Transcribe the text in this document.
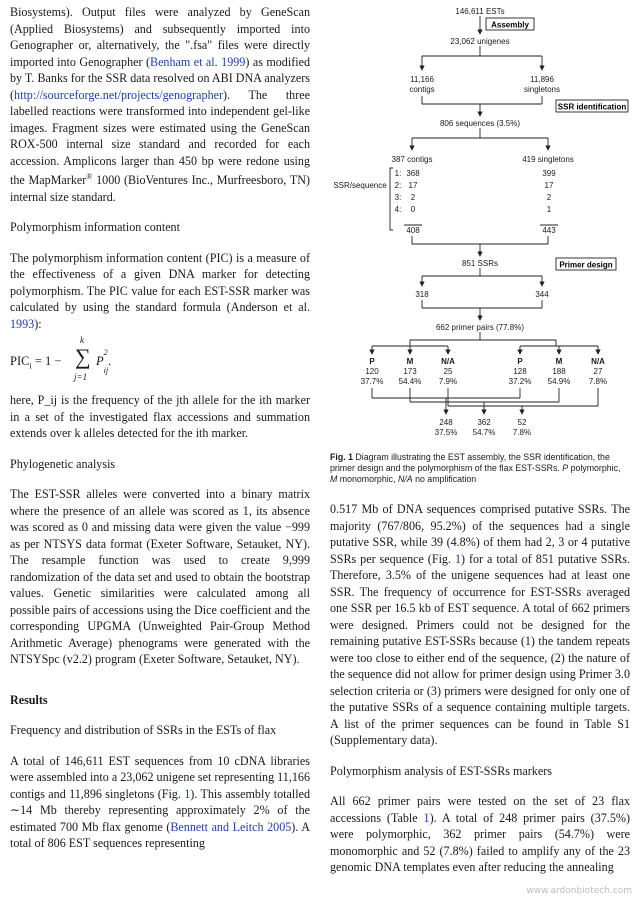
Biosystems). Output files were analyzed by GeneScan (Applied Biosystems) and subsequently imported into Genographer or, alternatively, the ".fsa" files were directly imported into Genographer (Benham et al. 1999) as modified by T. Banks for the SSR data resolved on ABI DNA analyzers (http://sourceforge.net/projects/genographer). The three labelled reactions were transformed into independent gel-like images. Fragment sizes were estimated using the GeneScan ROX-500 internal size standard and recorded for each accession. Amplicons larger than 450 bp were redone using the MapMarker® 1000 (BioVentures Inc., Murfreesboro, TN) internal size standard.

Polymorphism information content

The polymorphism information content (PIC) is a measure of the effectiveness of a given DNA marker for detecting polymorphism. The PIC value for each EST-SSR marker was calculated by using the standard formula (Anderson et al. 1993):

$PIC_i = 1$ −
k
∑
j=1
P
2
$_{ij}$.

here, P_ij is the frequency of the jth allele for the ith marker in a set of the investigated flax accessions and summation extends over k alleles detected for the ith marker.

Phylogenetic analysis

The EST-SSR alleles were converted into a binary matrix where the presence of an allele was scored as 1, its absence was scored as 0 and missing data were given the value −999 as per NTSYS data format (Exeter Software, Setauket, NY). The resample function was used to create 9,999 randomization of the data set and used to obtain the bootstrap values. Genetic similarities were calculated among all possible pairs of accessions using the Dice coefficient and the corresponding UPGMA (Unweighted Pair-Group Method Arithmetic Average) phenograms were generated with the NTSYSpc (v2.2) program (Exeter Software, Setauket, NY).

Results
Frequency and distribution of SSRs in the ESTs of flax

A total of 146,611 EST sequences from 10 cDNA libraries were assembled into a 23,062 unigene set representing 11,166 contigs and 11,896 singletons (Fig. 1). This assembly totalled ∼14 Mb thereby representing approximately 2% of the estimated 700 Mb flax genome (Bennett and Leitch 2005). A total of 806 EST sequences representing

Assembly
SSR identification
Primer design
146,611 ESTs
23,062 unigenes
11,166
contigs
11,896
singletons
806 sequences (3.5%)
387 contigs	419 singletons
SSR/sequence
851 SSRs
318	344
662 primer pairs (77.8%)
1: 368	399
2: 17	17
3: 2	2
4: 0	1
408	443
P
120
37.7%
M
173
54.4%
N/A
25
7.9%
P
128
37.2%
M
188
54.9%
N/A
27
7.8%
248
37.5%
362
54.7%
52
7.8%

Fig. 1 Diagram illustrating the EST assembly, the SSR identification, the primer design and the polymorphism of the flax EST-SSRs. P polymorphic, M monomorphic, N/A no amplification

0.517 Mb of DNA sequences comprised putative SSRs. The majority (767/806, 95.2%) of the sequences had a single putative SSR, while 39 (4.8%) of them had 2, 3 or 4 putative SSRs per sequence (Fig. 1) for a total of 851 putative SSRs. Therefore, 3.5% of the unigene sequences had at least one SSR. The frequency of occurrence for EST-SSRs averaged one SSR per 16.5 kb of EST sequence. A total of 662 primers were designed. Primers could not be designed for the remaining putative EST-SSRs because (1) the tandem repeats were too close to either end of the sequence, (2) the nature of the sequence did not allow for primer design using Primer 3.0 selection criteria or (3) primers were designed for only one of the putative SSRs of a sequence containing multiple targets. A list of the primer sequences can be found in Table S1 (Supplementary data).

Polymorphism analysis of EST-SSRs markers

All 662 primer pairs were tested on the set of 23 flax accessions (Table 1). A total of 248 primer pairs (37.5%) were polymorphic, 362 primer pairs (54.7%) were monomorphic and 52 (7.8%) failed to amplify any of the 23 genomic DNA templates even after reducing the annealing

www.ardonbiotech.com
